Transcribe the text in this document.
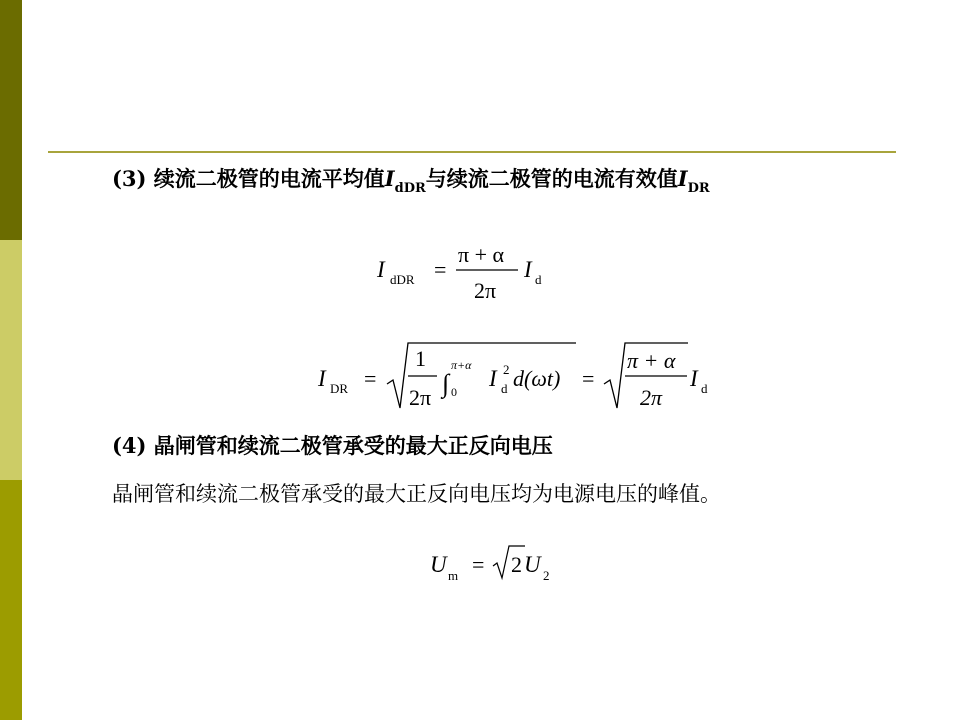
(3) 续流二极管的电流平均值$I_{dDR}$与续流二极管的电流有效值$I_{DR}$
I dDR =
π + α
2π
I d
I DR =
1
2π ∫
π+α
0
I d
2 d(ωt) =
π + α
2π
I d
U m = 2 U 2
(4) 晶闸管和续流二极管承受的最大正反向电压
晶闸管和续流二极管承受的最大正反向电压均为电源电压的峰值。
